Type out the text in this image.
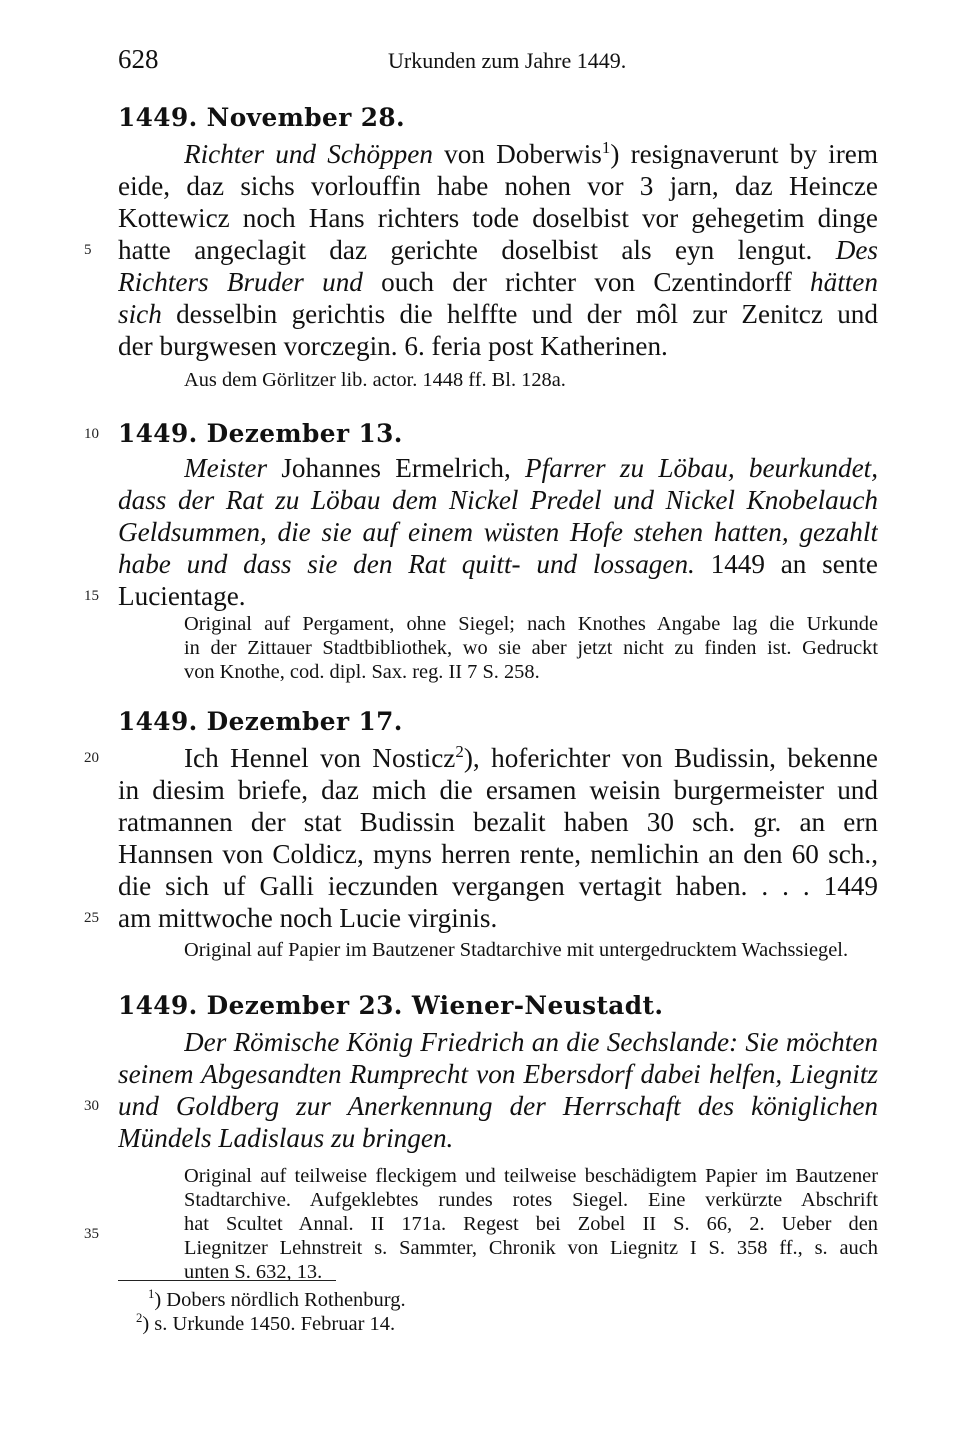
628	Urkunden zum Jahre 1449.
5
10
15
20
25
30
35
1449. November 28.
Richter und Schöppen von Doberwis$^1$) resignaverunt by irem
eide, daz sichs vorlouffin habe nohen vor 3 jarn, daz Heincze
Kottewicz noch Hans richters tode doselbist vor gehegetim dinge
hatte angeclagit daz gerichte doselbist als eyn lengut. Des
Richters Bruder und ouch der richter von Czentindorff hätten
sich desselbin gerichtis die helffte und der môl zur Zenitcz und
der burgwesen vorczegin. 6. feria post Katherinen.
Aus dem Görlitzer lib. actor. 1448 ff. Bl. 128a.
1449. Dezember 13.
Meister Johannes Ermelrich, Pfarrer zu Löbau, beurkundet,
dass der Rat zu Löbau dem Nickel Predel und Nickel Knobelauch
Geldsummen, die sie auf einem wüsten Hofe stehen hatten, gezahlt
habe und dass sie den Rat quitt- und lossagen. 1449 an sente
Lucientage.
Original auf Pergament, ohne Siegel; nach Knothes Angabe lag die Urkunde
in der Zittauer Stadtbibliothek, wo sie aber jetzt nicht zu finden ist. Gedruckt
von Knothe, cod. dipl. Sax. reg. II 7 S. 258.
1449. Dezember 17.
Ich Hennel von Nosticz$^2$), hoferichter von Budissin, bekenne
in diesim briefe, daz mich die ersamen weisin burgermeister und
ratmannen der stat Budissin bezalit haben 30 sch. gr. an ern
Hannsen von Coldicz, myns herren rente, nemlichin an den 60 sch.,
die sich uf Galli ieczunden vergangen vertagit haben. . . . 1449
am mittwoche noch Lucie virginis.
Original auf Papier im Bautzener Stadtarchive mit untergedrucktem Wachssiegel.
1449. Dezember 23. Wiener-Neustadt.
Der Römische König Friedrich an die Sechslande: Sie möchten
seinem Abgesandten Rumprecht von Ebersdorf dabei helfen, Liegnitz
und Goldberg zur Anerkennung der Herrschaft des königlichen
Mündels Ladislaus zu bringen.
Original auf teilweise fleckigem und teilweise beschädigtem Papier im Bautzener
Stadtarchive. Aufgeklebtes rundes rotes Siegel. Eine verkürzte Abschrift
hat Scultet Annal. II 171a. Regest bei Zobel II S. 66, 2. Ueber den
Liegnitzer Lehnstreit s. Sammter, Chronik von Liegnitz I S. 358 ff., s. auch
unten S. 632, 13.
$^1$) Dobers nördlich Rothenburg.
$^2$) s. Urkunde 1450. Februar 14.
